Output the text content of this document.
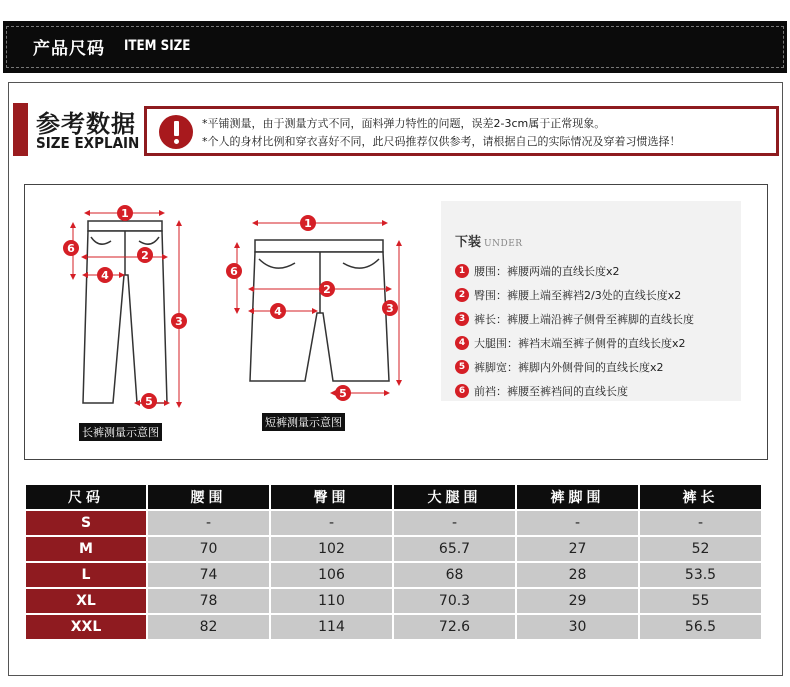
产品尺码 ITEM SIZE
参考数据
SIZE EXPLAIN
*平铺测量，由于测量方式不同，面料弹力特性的问题，误差2-3cm属于正常现象。
*个人的身材比例和穿衣喜好不同，此尺码推荐仅供参考，请根据自己的实际情况及穿着习惯选择！
1
2
3
4
5
6
1
2
3
4
5
6
长裤测量示意图
短裤测量示意图
下装 UNDER
1 腰围：裤腰两端的直线长度x2
2 臀围：裤腰上端至裤裆2/3处的直线长度x2
3 裤长：裤腰上端沿裤子侧骨至裤脚的直线长度
4 大腿围：裤裆末端至裤子侧骨的直线长度x2
5 裤脚宽：裤脚内外侧骨间的直线长度x2
6 前裆：裤腰至裤裆间的直线长度
尺码	腰围	臀围	大腿围	裤脚围	裤长
S	-	-	-	-	-
M	70	102	65.7	27	52
L	74	106	68	28	53.5
XL	78	110	70.3	29	55
XXL	82	114	72.6	30	56.5
